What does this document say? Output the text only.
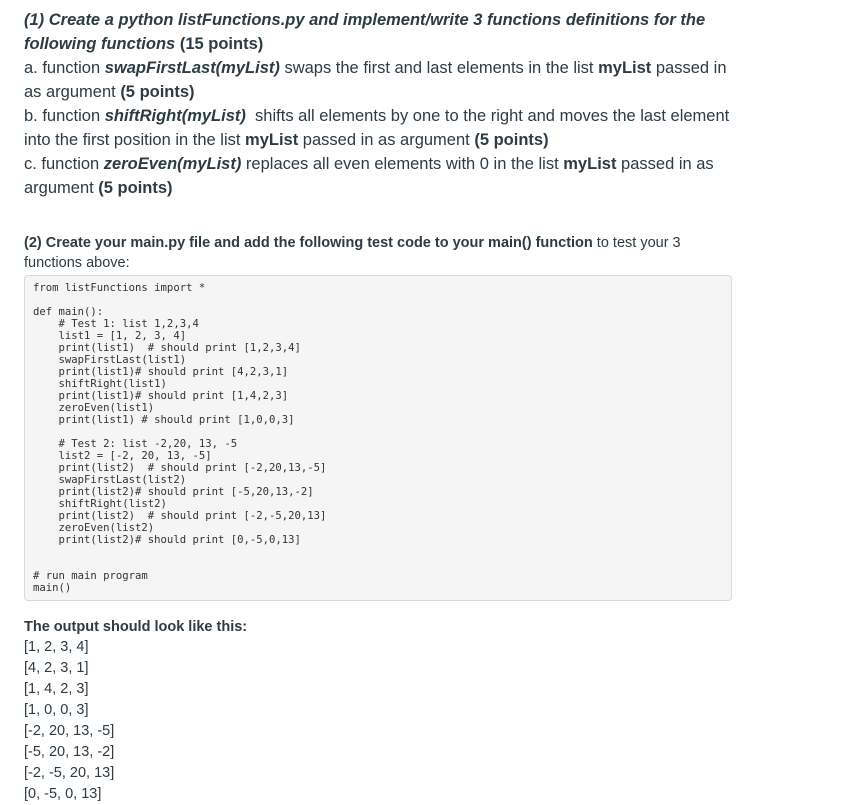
(1) Create a python listFunctions.py and implement/write 3 functions definitions for the following functions (15 points)

a. function swapFirstLast(myList) swaps the first and last elements in the list myList passed in as argument (5 points)

b. function shiftRight(myList)  shifts all elements by one to the right and moves the last element into the first position in the list myList passed in as argument (5 points)

c. function zeroEven(myList) replaces all even elements with 0 in the list myList passed in as argument (5 points)

(2) Create your main.py file and add the following test code to your main() function to test your 3 functions above:
from listFunctions import *
def main():
# Test 1: list 1,2,3,4
list1 = [1, 2, 3, 4]
print(list1)  # should print [1,2,3,4]
swapFirstLast(list1)
print(list1)# should print [4,2,3,1]
shiftRight(list1)
print(list1)# should print [1,4,2,3]
zeroEven(list1)
print(list1) # should print [1,0,0,3]
# Test 2: list -2,20, 13, -5
list2 = [-2, 20, 13, -5]
print(list2)  # should print [-2,20,13,-5]
swapFirstLast(list2)
print(list2)# should print [-5,20,13,-2]
shiftRight(list2)
print(list2)  # should print [-2,-5,20,13]
zeroEven(list2)
print(list2)# should print [0,-5,0,13]
# run main program
main()
The output should look like this:
[1, 2, 3, 4]
[4, 2, 3, 1]
[1, 4, 2, 3]
[1, 0, 0, 3]
[-2, 20, 13, -5]
[-5, 20, 13, -2]
[-2, -5, 20, 13]
[0, -5, 0, 13]
